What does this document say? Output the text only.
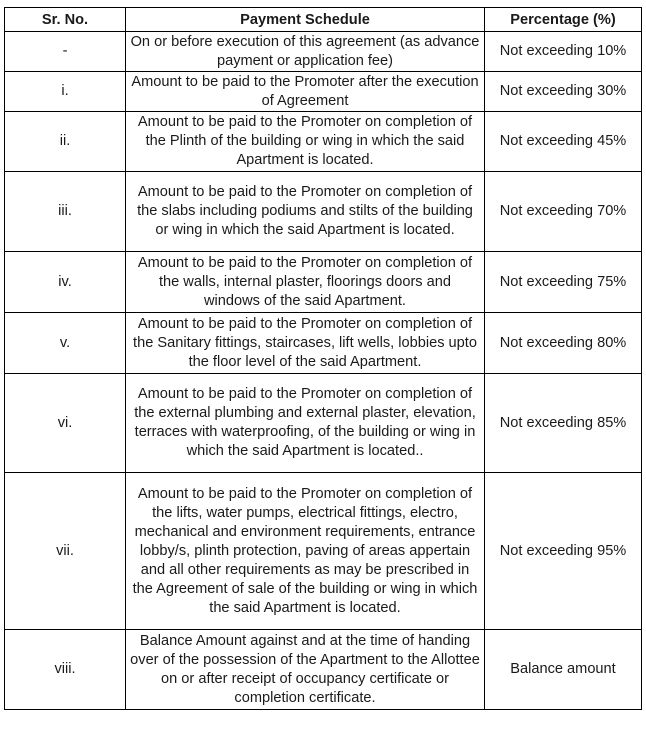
Sr. No.	Payment Schedule	Percentage (%)
-	On or before execution of this agreement (as advance payment or application fee)	Not exceeding 10%
i.	Amount to be paid to the Promoter after the execution of Agreement	Not exceeding 30%
ii.	Amount to be paid to the Promoter on completion of the Plinth of the building or wing in which the said Apartment is located.	Not exceeding 45%
iii.	Amount to be paid to the Promoter on completion of the slabs including podiums and stilts of the building or wing in which the said Apartment is located.	Not exceeding 70%
iv.	Amount to be paid to the Promoter on completion of the walls, internal plaster, floorings doors and windows of the said Apartment.	Not exceeding 75%
v.	Amount to be paid to the Promoter on completion of the Sanitary fittings, staircases, lift wells, lobbies upto the floor level of the said Apartment.	Not exceeding 80%
vi.	Amount to be paid to the Promoter on completion of the external plumbing and external plaster, elevation, terraces with waterproofing, of the building or wing in which the said Apartment is located..	Not exceeding 85%
vii.	Amount to be paid to the Promoter on completion of the lifts, water pumps, electrical fittings, electro, mechanical and environment requirements, entrance lobby/s, plinth protection, paving of areas appertain and all other requirements as may be prescribed in the Agreement of sale of the building or wing in which the said Apartment is located.	Not exceeding 95%
viii.	Balance Amount against and at the time of handing over of the possession of the Apartment to the Allottee on or after receipt of occupancy certificate or completion certificate.	Balance amount
